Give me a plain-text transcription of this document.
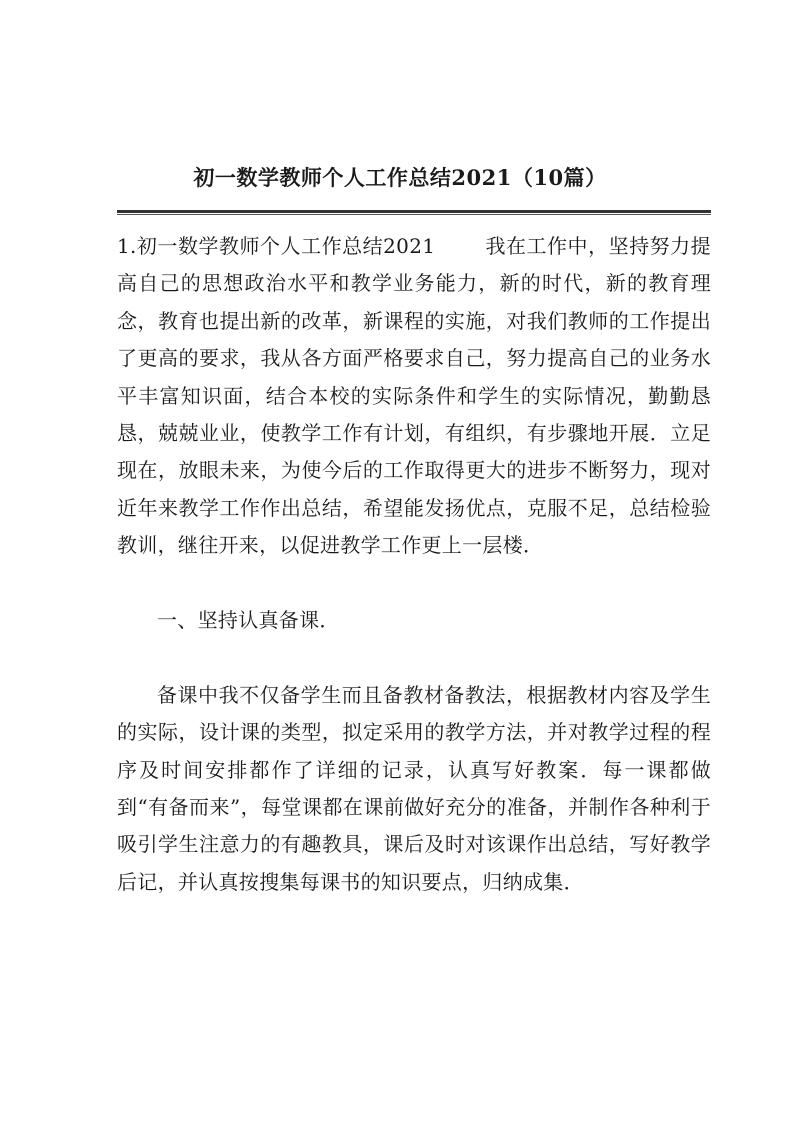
初一数学教师个人工作总结2021（10篇）

1.初一数学教师个人工作总结2021	我在工作中，坚持努力提高自己的思想政治水平和教学业务能力，新的时代，新的教育理念，教育也提出新的改革，新课程的实施，对我们教师的工作提出了更高的要求，我从各方面严格要求自己，努力提高自己的业务水平丰富知识面，结合本校的实际条件和学生的实际情况，勤勤恳恳，兢兢业业，使教学工作有计划，有组织，有步骤地开展．立足现在，放眼未来，为使今后的工作取得更大的进步不断努力，现对近年来教学工作作出总结，希望能发扬优点，克服不足，总结检验教训，继往开来，以促进教学工作更上一层楼．

一、坚持认真备课．

备课中我不仅备学生而且备教材备教法，根据教材内容及学生的实际，设计课的类型，拟定采用的教学方法，并对教学过程的程序及时间安排都作了详细的记录，认真写好教案．每一课都做到“有备而来”，每堂课都在课前做好充分的准备，并制作各种利于吸引学生注意力的有趣教具，课后及时对该课作出总结，写好教学后记，并认真按搜集每课书的知识要点，归纳成集．
